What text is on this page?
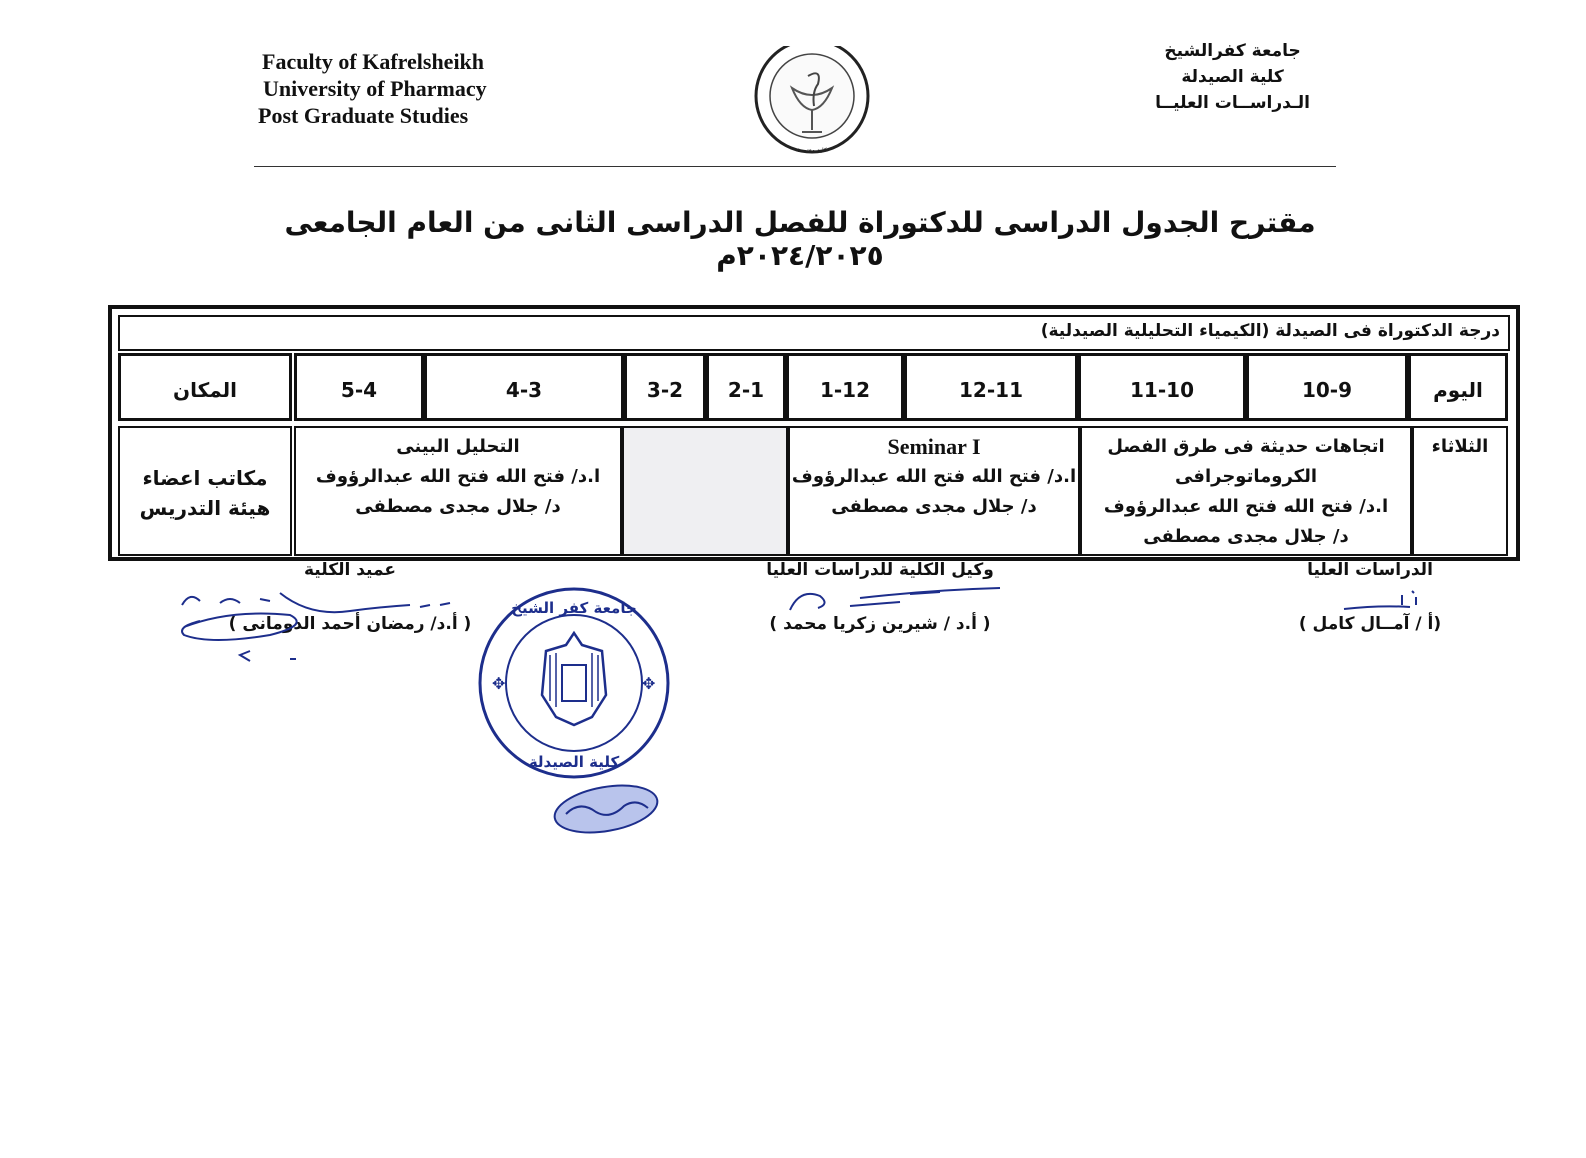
Faculty of Kafrelsheikh
University of Pharmacy
Post Graduate Studies
كلية معتمدة
جامعة كفرالشيخ
كلية الصيدلة
الـدراســات العليــا
مقترح الجدول الدراسى للدكتوراة للفصل الدراسى الثانى من العام الجامعى ٢٠٢٤/٢٠٢٥م
درجة الدكتوراة فى الصيدلة (الكيمياء التحليلية الصيدلية)
اليوم
10-9
11-10
12-11
1-12
2-1
3-2
4-3
5-4
المكان
الثلاثاء
اتجاهات حديثة فى طرق الفصل
الكروماتوجرافى
ا.د/ فتح الله فتح الله عبدالرؤوف
د/ جلال مجدى مصطفى
Seminar I
ا.د/ فتح الله فتح الله عبدالرؤوف
د/ جلال مجدى مصطفى
التحليل البينى
ا.د/ فتح الله فتح الله عبدالرؤوف
د/ جلال مجدى مصطفى
مكاتب اعضاء
هيئة التدريس
الدراسات العليا
(أ / آمــال كامل )
وكيل الكلية للدراسات العليا
( أ.د / شيرين زكريا محمد )
عميد الكلية
( أ.د/ رمضان أحمد الدومانى )
جامعة كفر الشيخ
كلية الصيدلة
✥	✥
